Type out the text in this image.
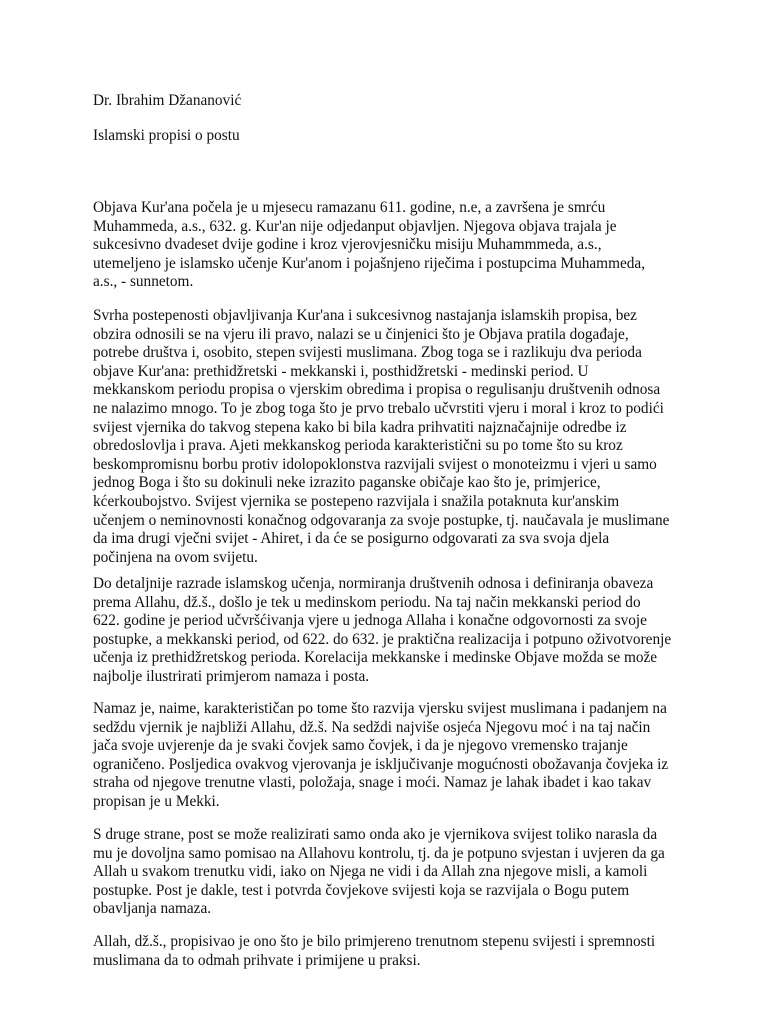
Dr. Ibrahim Džananović
Islamski propisi o postu
Objava Kur'ana počela je u mjesecu ramazanu 611. godine, n.e, a završena je smrću
Muhammeda, a.s., 632. g. Kur'an nije odjedanput objavljen. Njegova objava trajala je
sukcesivno dvadeset dvije godine i kroz vjerovjesničku misiju Muhammmeda, a.s.,
utemeljeno je islamsko učenje Kur'anom i pojašnjeno riječima i postupcima Muhammeda,
a.s., - sunnetom.
Svrha postepenosti objavljivanja Kur'ana i sukcesivnog nastajanja islamskih propisa, bez
obzira odnosili se na vjeru ili pravo, nalazi se u činjenici što je Objava pratila događaje,
potrebe društva i, osobito, stepen svijesti muslimana. Zbog toga se i razlikuju dva perioda
objave Kur'ana: prethidžretski - mekkanski i, posthidžretski - medinski period. U
mekkanskom periodu propisa o vjerskim obredima i propisa o regulisanju društvenih odnosa
ne nalazimo mnogo. To je zbog toga što je prvo trebalo učvrstiti vjeru i moral i kroz to podići
svijest vjernika do takvog stepena kako bi bila kadra prihvatiti najznačajnije odredbe iz
obredoslovlja i prava. Ajeti mekkanskog perioda karakteristični su po tome što su kroz
beskompromisnu borbu protiv idolopoklonstva razvijali svijest o monoteizmu i vjeri u samo
jednog Boga i što su dokinuli neke izrazito paganske običaje kao što je, primjerice,
kćerkoubojstvo. Svijest vjernika se postepeno razvijala i snažila potaknuta kur'anskim
učenjem o neminovnosti konačnog odgovaranja za svoje postupke, tj. naučavala je muslimane
da ima drugi vječni svijet - Ahiret, i da će se posigurno odgovarati za sva svoja djela
počinjena na ovom svijetu.
Do detaljnije razrade islamskog učenja, normiranja društvenih odnosa i definiranja obaveza
prema Allahu, dž.š., došlo je tek u medinskom periodu. Na taj način mekkanski period do
622. godine je period učvršćivanja vjere u jednoga Allaha i konačne odgovornosti za svoje
postupke, a mekkanski period, od 622. do 632. je praktična realizacija i potpuno oživotvorenje
učenja iz prethidžretskog perioda. Korelacija mekkanske i medinske Objave možda se može
najbolje ilustrirati primjerom namaza i posta.
Namaz je, naime, karakterističan po tome što razvija vjersku svijest muslimana i padanjem na
sedždu vjernik je najbliži Allahu, dž.š. Na sedždi najviše osjeća Njegovu moć i na taj način
jača svoje uvjerenje da je svaki čovjek samo čovjek, i da je njegovo vremensko trajanje
ograničeno. Posljedica ovakvog vjerovanja je isključivanje mogućnosti obožavanja čovjeka iz
straha od njegove trenutne vlasti, položaja, snage i moći. Namaz je lahak ibadet i kao takav
propisan je u Mekki.
S druge strane, post se može realizirati samo onda ako je vjernikova svijest toliko narasla da
mu je dovoljna samo pomisao na Allahovu kontrolu, tj. da je potpuno svjestan i uvjeren da ga
Allah u svakom trenutku vidi, iako on Njega ne vidi i da Allah zna njegove misli, a kamoli
postupke. Post je dakle, test i potvrda čovjekove svijesti koja se razvijala o Bogu putem
obavljanja namaza.
Allah, dž.š., propisivao je ono što je bilo primjereno trenutnom stepenu svijesti i spremnosti
muslimana da to odmah prihvate i primijene u praksi.
